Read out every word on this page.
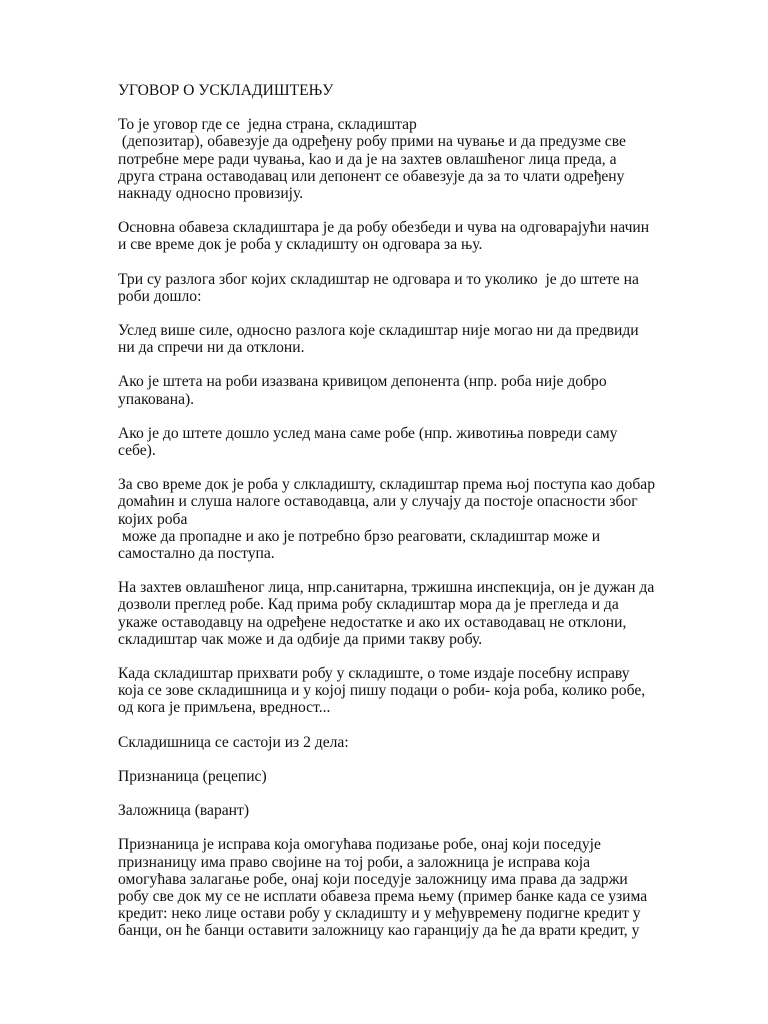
УГОВОР О УСКЛАДИШТЕЊУ
То је уговор где се  једна страна, складиштар
(депозитар), обавезује да одређену робу прими на чување и да предузме све
потребне мере ради чувања, kао и да је на захтев овлашћеног лица преда, а
друга страна оставодавац или депонент се обавезује да за то члати одређену
накнаду односно провизију.
Основна обавеза складиштара је да робу обезбеди и чува на одговарајући начин
и све време док је роба у складишту он одговара за њу.
Три су разлога због којих складиштар не одговара и то уколико  је до штете на
роби дошло:
Услед више силе, односно разлога које складиштар није могао ни да предвиди
ни да спречи ни да отклони.
Ако је штета на роби изазвана кривицом депонента (нпр. роба није добро
упакована).
Ако је до штете дошло услед мана саме робе (нпр. животиња повреди саму
себе).
За сво време док је роба у слкладишту, складиштар према њој поступа као добар
домаћин и слуша налоге оставодавца, али у случају да постоје опасности због
којих роба
може да пропадне и ако је потребно брзо реаговати, складиштар може и
самостално да поступа.
На захтев овлашћеног лица, нпр.санитарна, тржишна инспекција, он је дужан да
дозволи преглед робе. Кад прима робу складиштар мора да је прегледа и да
укаже оставодавцу на одређене недостатке и ако их оставодавац не отклони,
складиштар чак може и да одбије да прими такву робу.
Када складиштар прихвати робу у складиште, о томе издаје посебну исправу
која се зове складишница и у којој пишу подаци о роби- која роба, колико робе,
од кога је примљена, вредност...
Складишница се састоји из 2 дела:
Признаница (рецепис)
Заложница (варант)
Признаница је исправа која омогућава подизање робе, онај који поседује
признаницу има право својине на тој роби, а заложница је исправа која
омогућава залагање робе, онај који поседује заложницу има права да задржи
робу све док му се не исплати обавеза према њему (пример банке када се узима
кредит: неко лице остави робу у складишту и у међувремену подигне кредит у
банци, он ће банци оставити заложницу као гаранцију да ће да врати кредит, у
